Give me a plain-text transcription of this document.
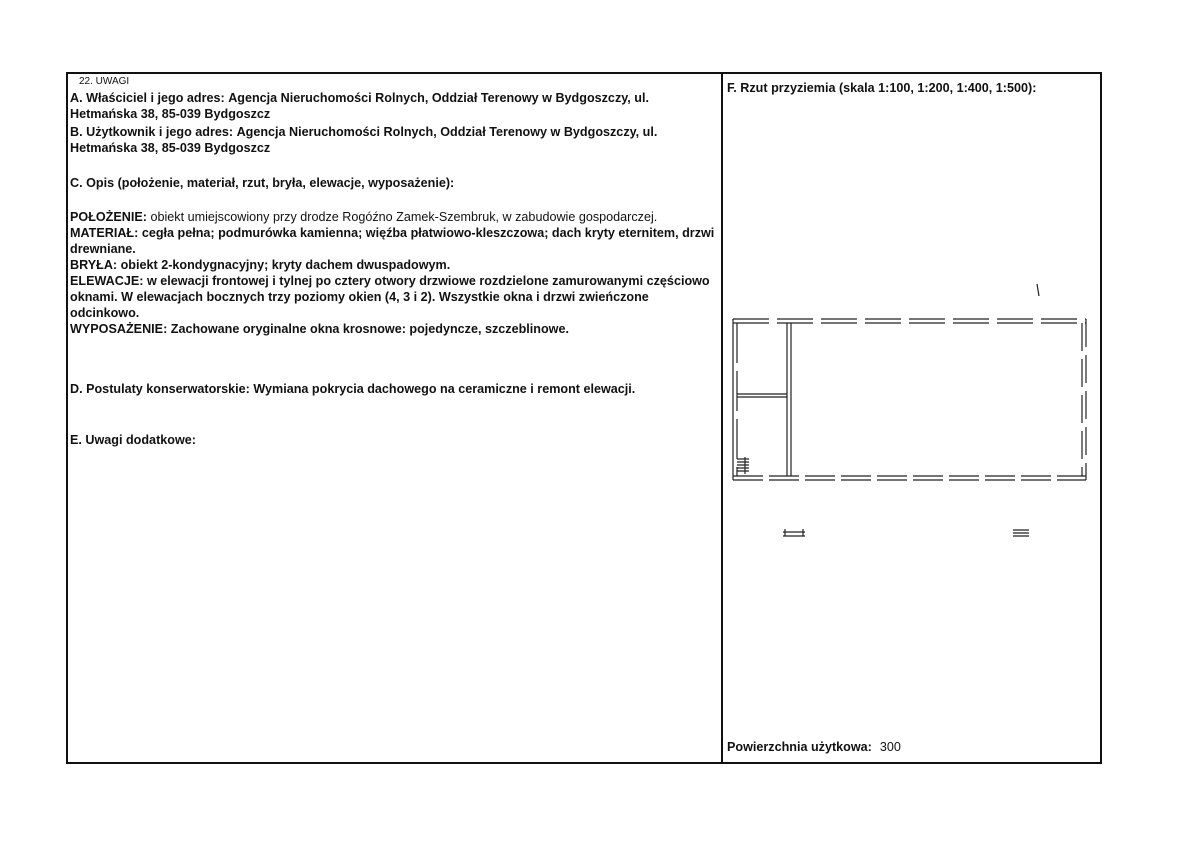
22. UWAGI
A. Właściciel i jego adres: Agencja Nieruchomości Rolnych, Oddział Terenowy w Bydgoszczy, ul. Hetmańska 38, 85-039 Bydgoszcz
B. Użytkownik i jego adres: Agencja Nieruchomości Rolnych, Oddział Terenowy w Bydgoszczy, ul. Hetmańska 38, 85-039 Bydgoszcz
C. Opis (położenie, materiał, rzut, bryła, elewacje, wyposażenie):
POŁOŻENIE: obiekt umiejscowiony przy drodze Rogóźno Zamek-Szembruk, w zabudowie gospodarczej.
MATERIAŁ: cegła pełna; podmurówka kamienna; więźba płatwiowo-kleszczowa; dach kryty eternitem, drzwi drewniane.
BRYŁA: obiekt 2-kondygnacyjny; kryty dachem dwuspadowym.
ELEWACJE: w elewacji frontowej i tylnej po cztery otwory drzwiowe rozdzielone zamurowanymi częściowo oknami. W elewacjach bocznych trzy poziomy okien (4, 3 i 2). Wszystkie okna i drzwi zwieńczone odcinkowo.
WYPOSAŻENIE: Zachowane oryginalne okna krosnowe: pojedyncze, szczeblinowe.
D. Postulaty konserwatorskie: Wymiana pokrycia dachowego na ceramiczne i remont elewacji.
E. Uwagi dodatkowe:
F. Rzut przyziemia (skala 1:100, 1:200, 1:400, 1:500):
Powierzchnia użytkowa: 300
